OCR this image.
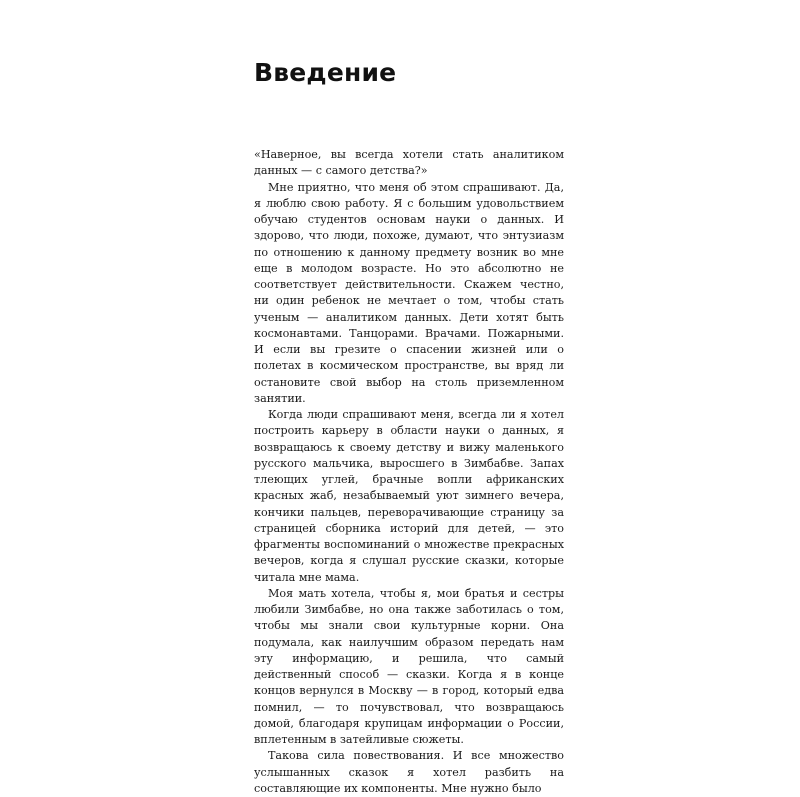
Введение

«Наверное, вы всегда хотели стать аналитиком данных — с самого детства?»

Мне приятно, что меня об этом спрашивают. Да, я люблю свою работу. Я с большим удовольствием обучаю студентов основам науки о данных. И здорово, что люди, похоже, думают, что энтузиазм по отношению к данному предмету возник во мне еще в молодом возрасте. Но это абсолютно не соответствует действительности. Скажем честно, ни один ребенок не мечтает о том, чтобы стать ученым — аналитиком данных. Дети хотят быть космонавтами. Танцорами. Врачами. Пожарными. И если вы грезите о спасении жизней или о полетах в космическом пространстве, вы вряд ли остановите свой выбор на столь приземленном занятии.

Когда люди спрашивают меня, всегда ли я хотел построить карьеру в области науки о данных, я возвращаюсь к своему детству и вижу маленького русского мальчика, выросшего в Зимбабве. Запах тлеющих углей, брачные вопли африканских красных жаб, незабываемый уют зимнего вечера, кончики пальцев, переворачивающие страницу за страницей сборника историй для детей, — это фрагменты воспоминаний о множестве прекрасных вечеров, когда я слушал русские сказки, которые читала мне мама.

Моя мать хотела, чтобы я, мои братья и сестры любили Зимбабве, но она также заботилась о том, чтобы мы знали свои культурные корни. Она подумала, как наилучшим образом передать нам эту информацию, и решила, что самый действенный способ — сказки. Когда я в конце концов вернулся в Москву — в город, который едва помнил, — то почувствовал, что возвращаюсь домой, благодаря крупицам информации о России, вплетенным в затейливые сюжеты.

Такова сила повествования. И все множество услышанных сказок я хотел разбить на составляющие их компоненты. Мне нужно было
